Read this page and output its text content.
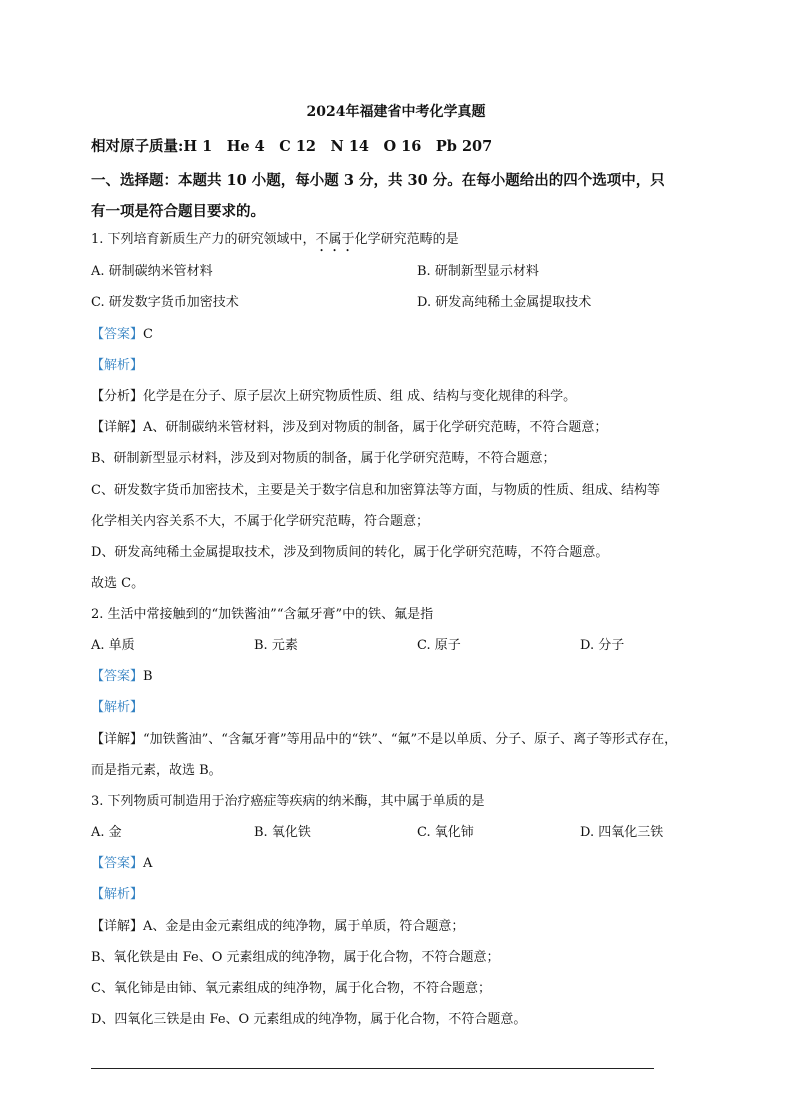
2024年福建省中考化学真题
相对原子质量:H 1　He 4　C 12　N 14　O 16　Pb 207
一、选择题：本题共 10 小题，每小题 3 分，共 30 分。在每小题给出的四个选项中，只
有一项是符合题目要求的。
1. 下列培育新质生产力的研究领域中，不属于化学研究范畴的是
A. 研制碳纳米管材料	B. 研制新型显示材料
C. 研发数字货币加密技术	D. 研发高纯稀土金属提取技术
【答案】C
【解析】
【分析】化学是在分子、原子层次上研究物质性质、组 成、结构与变化规律的科学。
【详解】A、研制碳纳米管材料，涉及到对物质的制备，属于化学研究范畴，不符合题意；
B、研制新型显示材料，涉及到对物质的制备，属于化学研究范畴，不符合题意；
C、研发数字货币加密技术，主要是关于数字信息和加密算法等方面，与物质的性质、组成、结构等
化学相关内容关系不大，不属于化学研究范畴，符合题意；
D、研发高纯稀土金属提取技术，涉及到物质间的转化，属于化学研究范畴，不符合题意。
故选 C。
2. 生活中常接触到的“加铁酱油”“含氟牙膏”中的铁、氟是指
A. 单质	B. 元素	C. 原子	D. 分子
【答案】B
【解析】
【详解】“加铁酱油”、“含氟牙膏”等用品中的“铁”、“氟”不是以单质、分子、原子、离子等形式存在，
而是指元素，故选 B。
3. 下列物质可制造用于治疗癌症等疾病的纳米酶，其中属于单质的是
A. 金	B. 氧化铁	C. 氧化铈	D. 四氧化三铁
【答案】A
【解析】
【详解】A、金是由金元素组成的纯净物，属于单质，符合题意；
B、氧化铁是由 Fe、O 元素组成的纯净物，属于化合物，不符合题意；
C、氧化铈是由铈、氧元素组成的纯净物，属于化合物，不符合题意；
D、四氧化三铁是由 Fe、O 元素组成的纯净物，属于化合物，不符合题意。
